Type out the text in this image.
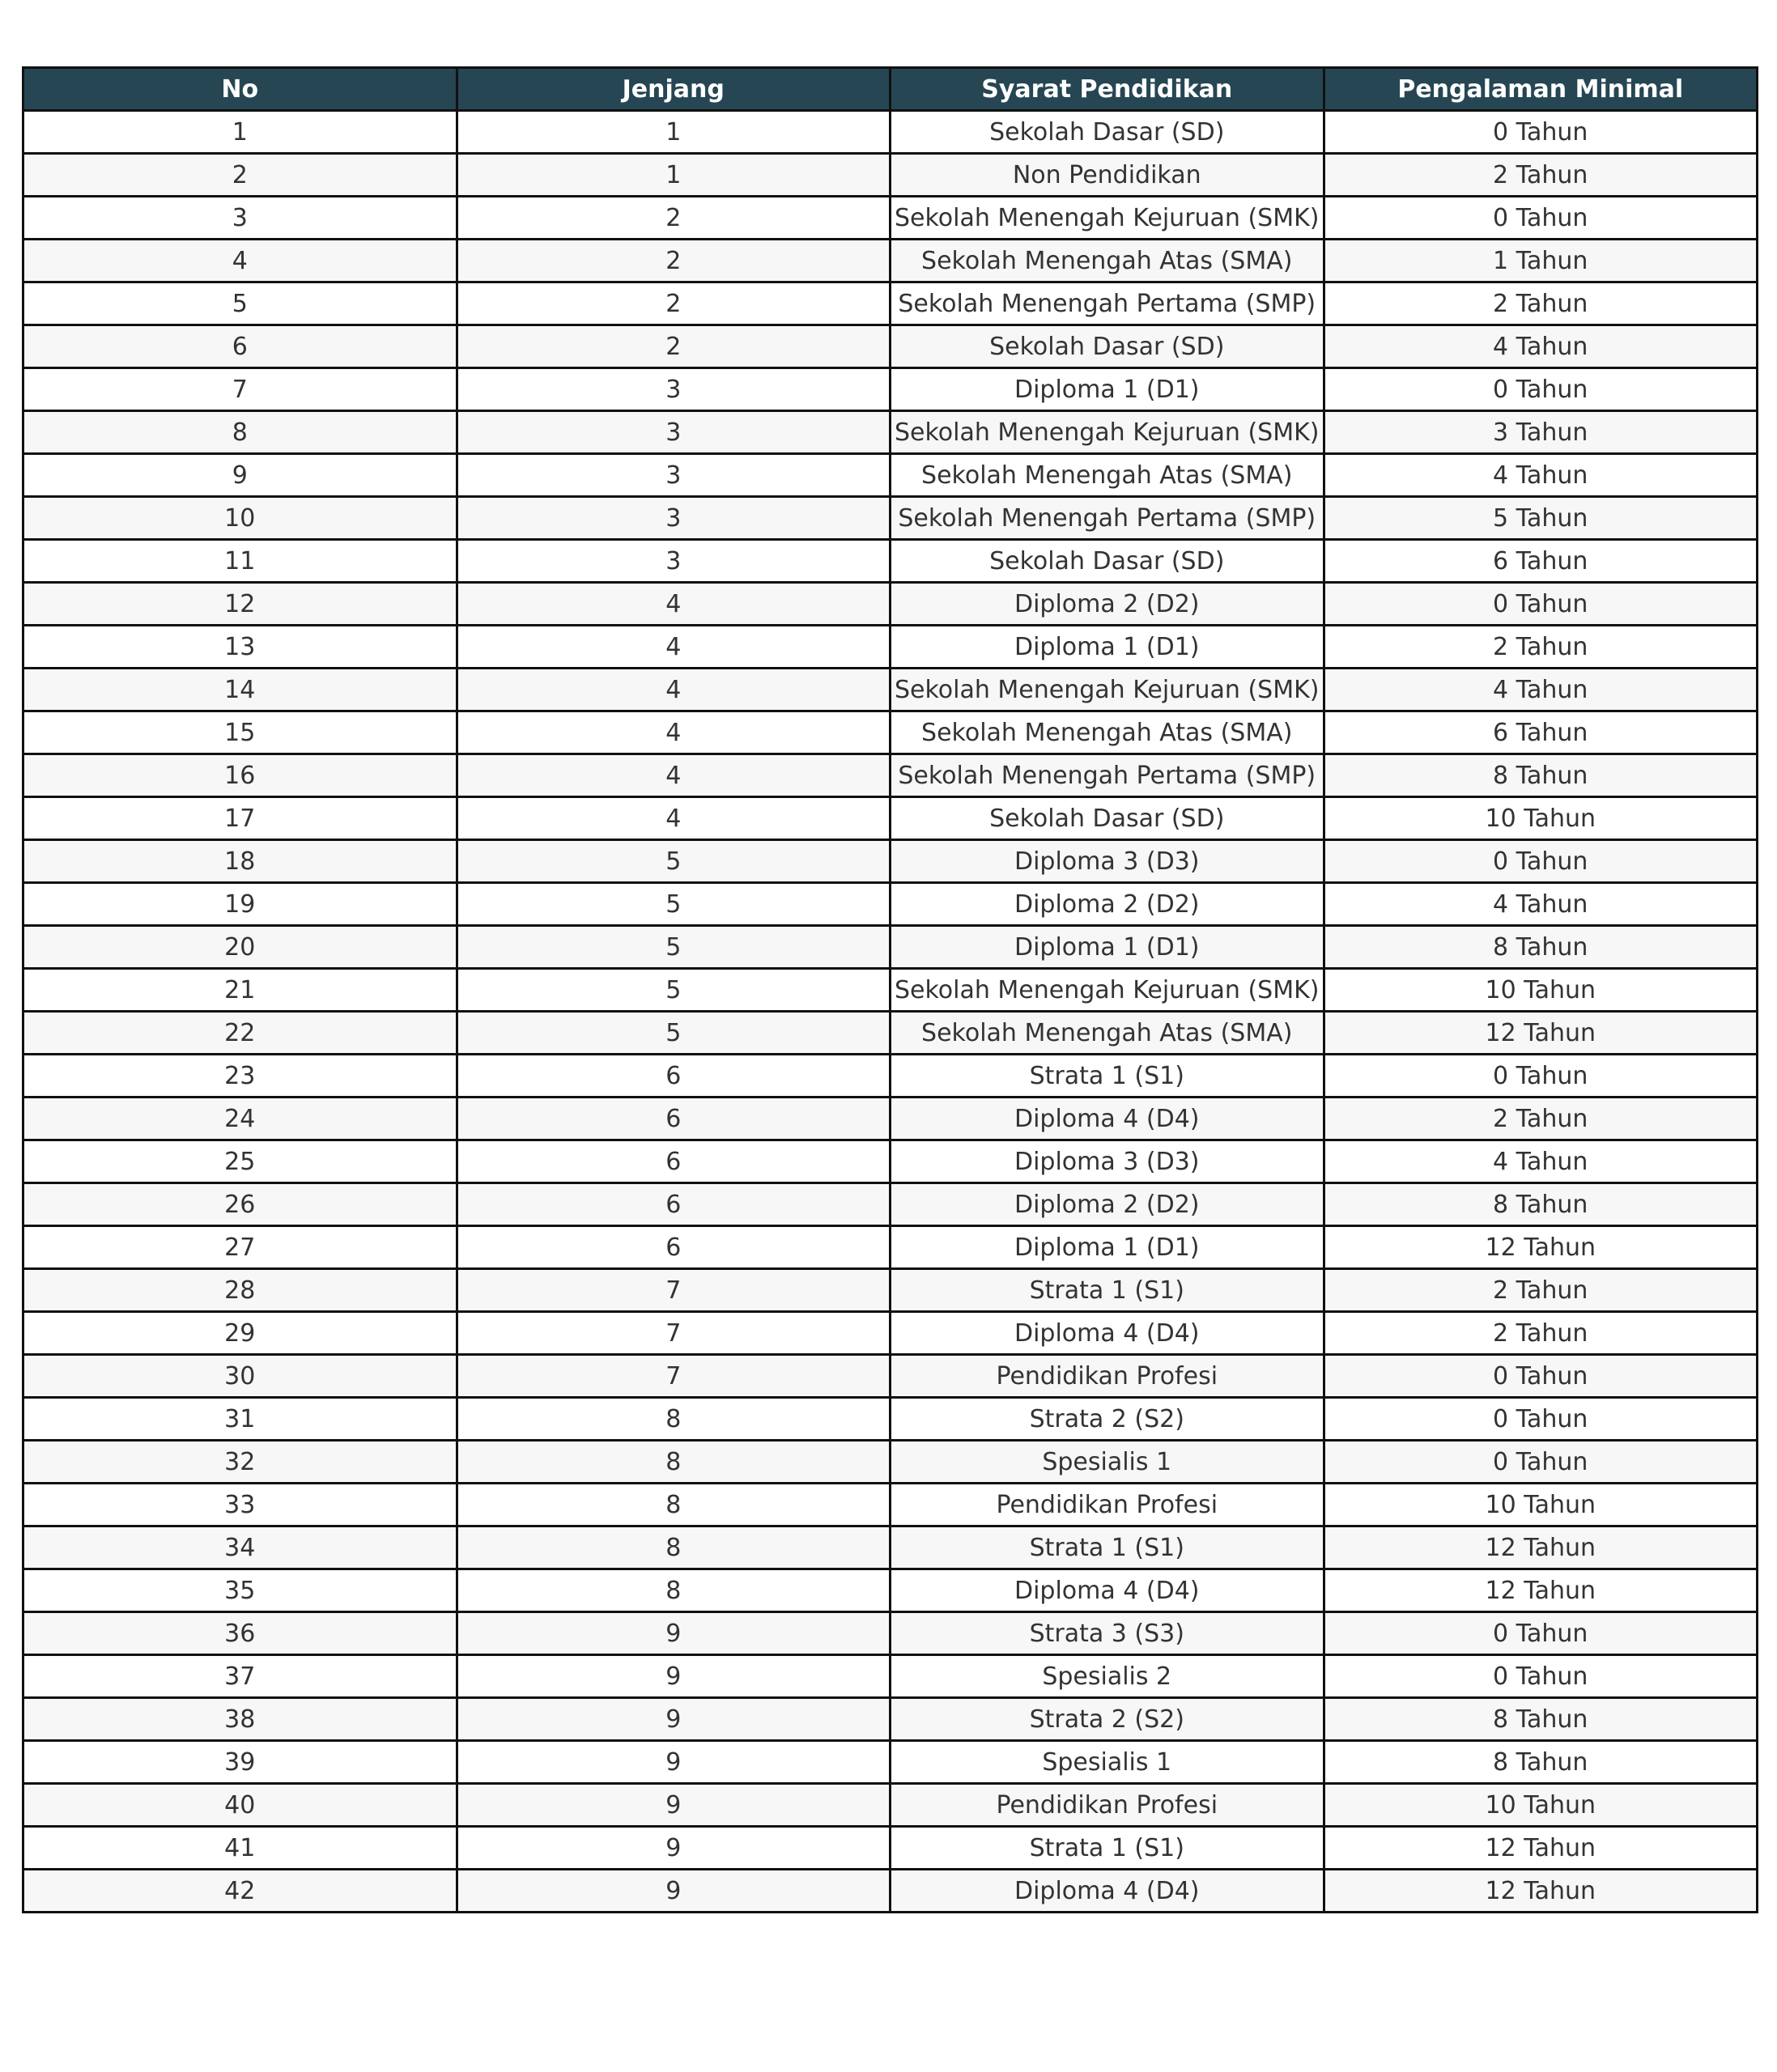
No	Jenjang	Syarat Pendidikan	Pengalaman Minimal
1	1	Sekolah Dasar (SD)	0 Tahun
2	1	Non Pendidikan	2 Tahun
3	2	Sekolah Menengah Kejuruan (SMK)	0 Tahun
4	2	Sekolah Menengah Atas (SMA)	1 Tahun
5	2	Sekolah Menengah Pertama (SMP)	2 Tahun
6	2	Sekolah Dasar (SD)	4 Tahun
7	3	Diploma 1 (D1)	0 Tahun
8	3	Sekolah Menengah Kejuruan (SMK)	3 Tahun
9	3	Sekolah Menengah Atas (SMA)	4 Tahun
10	3	Sekolah Menengah Pertama (SMP)	5 Tahun
11	3	Sekolah Dasar (SD)	6 Tahun
12	4	Diploma 2 (D2)	0 Tahun
13	4	Diploma 1 (D1)	2 Tahun
14	4	Sekolah Menengah Kejuruan (SMK)	4 Tahun
15	4	Sekolah Menengah Atas (SMA)	6 Tahun
16	4	Sekolah Menengah Pertama (SMP)	8 Tahun
17	4	Sekolah Dasar (SD)	10 Tahun
18	5	Diploma 3 (D3)	0 Tahun
19	5	Diploma 2 (D2)	4 Tahun
20	5	Diploma 1 (D1)	8 Tahun
21	5	Sekolah Menengah Kejuruan (SMK)	10 Tahun
22	5	Sekolah Menengah Atas (SMA)	12 Tahun
23	6	Strata 1 (S1)	0 Tahun
24	6	Diploma 4 (D4)	2 Tahun
25	6	Diploma 3 (D3)	4 Tahun
26	6	Diploma 2 (D2)	8 Tahun
27	6	Diploma 1 (D1)	12 Tahun
28	7	Strata 1 (S1)	2 Tahun
29	7	Diploma 4 (D4)	2 Tahun
30	7	Pendidikan Profesi	0 Tahun
31	8	Strata 2 (S2)	0 Tahun
32	8	Spesialis 1	0 Tahun
33	8	Pendidikan Profesi	10 Tahun
34	8	Strata 1 (S1)	12 Tahun
35	8	Diploma 4 (D4)	12 Tahun
36	9	Strata 3 (S3)	0 Tahun
37	9	Spesialis 2	0 Tahun
38	9	Strata 2 (S2)	8 Tahun
39	9	Spesialis 1	8 Tahun
40	9	Pendidikan Profesi	10 Tahun
41	9	Strata 1 (S1)	12 Tahun
42	9	Diploma 4 (D4)	12 Tahun
